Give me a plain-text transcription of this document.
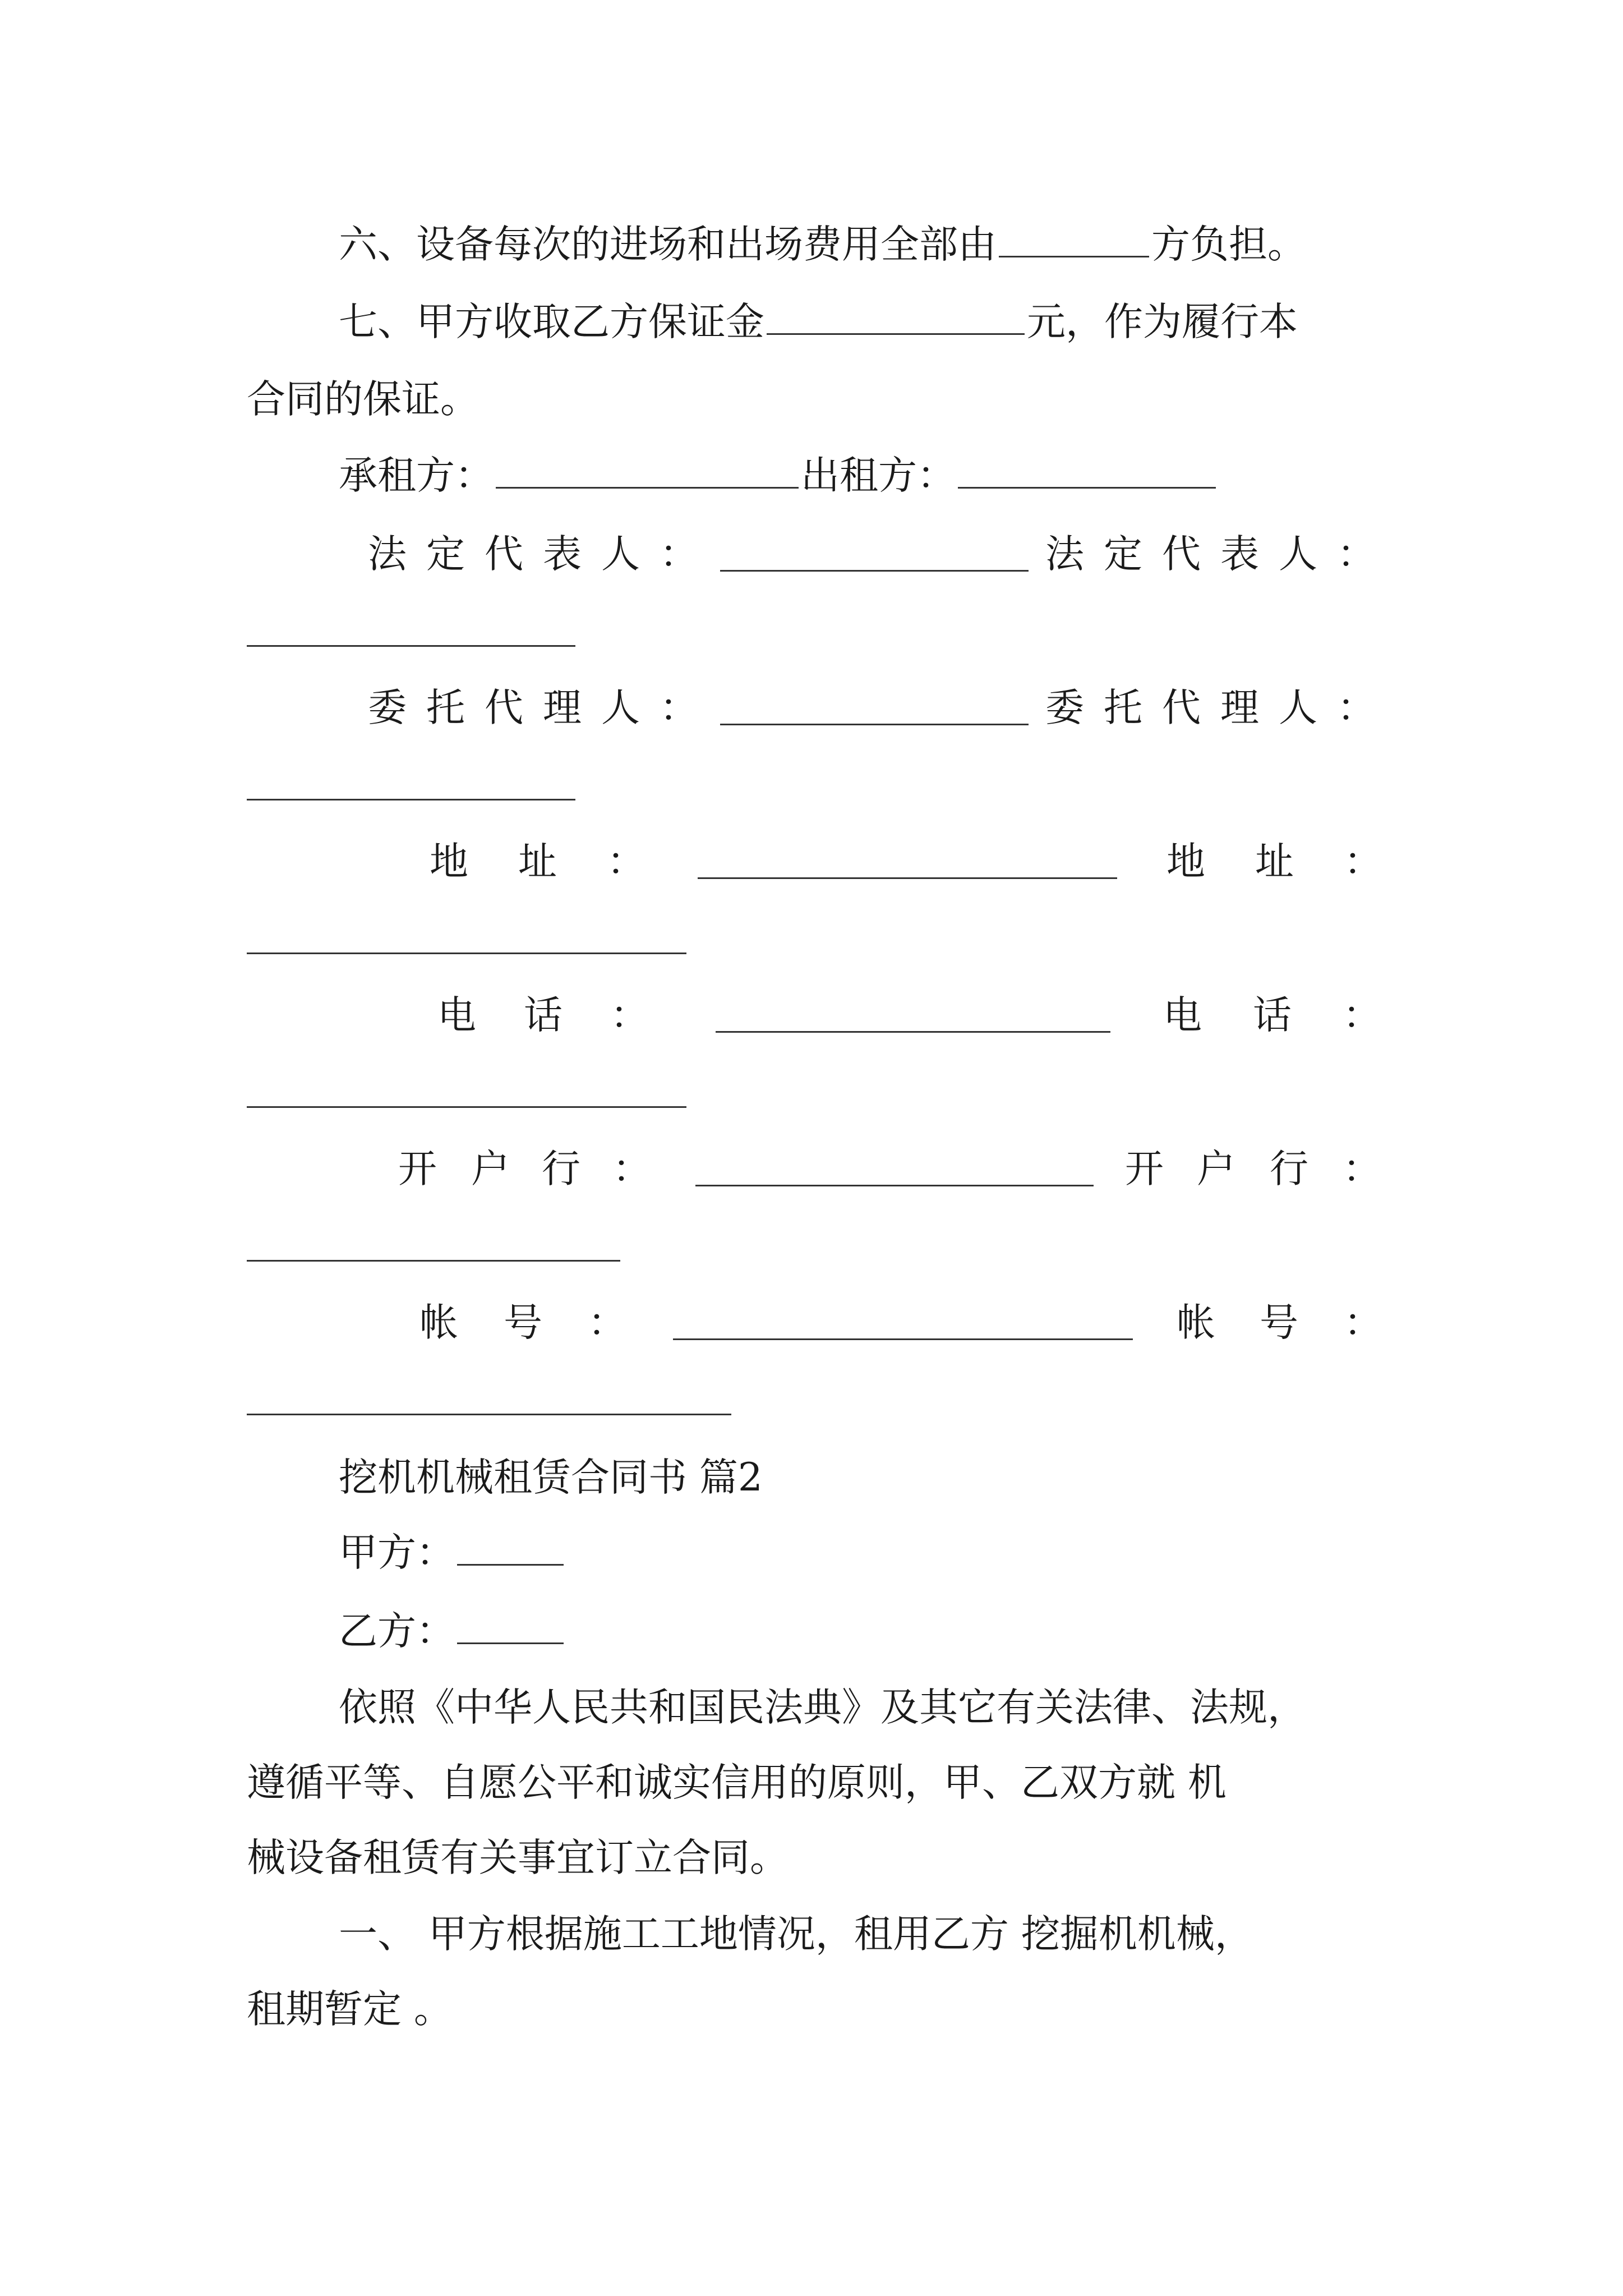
六、设备每次的进场和出场费用全部由	方负担。
七、甲方收取乙方保证金	元，作为履行本
合同的保证。
承租方：	出租方：
法 定 代 表 人 ：	法 定 代 表 人 ：
委 托 代 理 人 ：	委 托 代 理 人 ：
地 址 ：	地 址 ：
电 话 ：	电 话 ：
开 户 行 ：	开 户 行 ：
帐 号 ：	帐 号 ：
挖机机械租赁合同书 篇2
甲方：
乙方：
依照《中华人民共和国民法典》及其它有关法律、法规，
遵循平等、自愿公平和诚实信用的原则，甲、乙双方就 机
械设备租赁有关事宜订立合同。
一、 甲方根据施工工地情况，租用乙方 挖掘机机械，
租期暂定 。
